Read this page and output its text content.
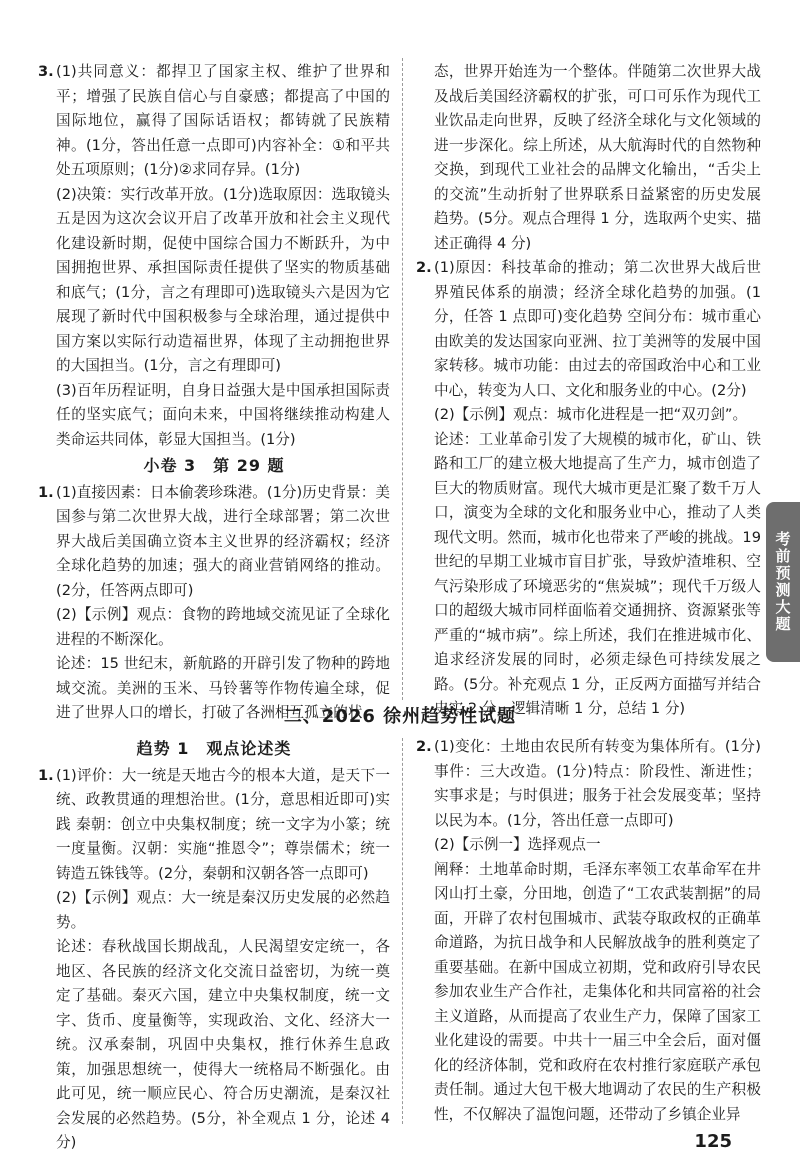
3. (1)共同意义：都捍卫了国家主权、维护了世界和平；增强了民族自信心与自豪感；都提高了中国的国际地位，赢得了国际话语权；都铸就了民族精神。(1分，答出任意一点即可)内容补全：①和平共处五项原则；(1分)②求同存异。(1分)

(2)决策：实行改革开放。(1分)选取原因：选取镜头五是因为这次会议开启了改革开放和社会主义现代化建设新时期，促使中国综合国力不断跃升，为中国拥抱世界、承担国际责任提供了坚实的物质基础和底气；(1分，言之有理即可)选取镜头六是因为它展现了新时代中国积极参与全球治理，通过提供中国方案以实际行动造福世界，体现了主动拥抱世界的大国担当。(1分，言之有理即可)

(3)百年历程证明，自身日益强大是中国承担国际责任的坚实底气；面向未来，中国将继续推动构建人类命运共同体，彰显大国担当。(1分)

小卷 3　第 29 题
1. (1)直接因素：日本偷袭珍珠港。(1分)历史背景：美国参与第二次世界大战，进行全球部署；第二次世界大战后美国确立资本主义世界的经济霸权；经济全球化趋势的加速；强大的商业营销网络的推动。(2分，任答两点即可)

(2)【示例】观点：食物的跨地域交流见证了全球化进程的不断深化。

论述：15 世纪末，新航路的开辟引发了物种的跨地域交流。美洲的玉米、马铃薯等作物传遍全球，促进了世界人口的增长，打破了各洲相互孤立的状

态，世界开始连为一个整体。伴随第二次世界大战及战后美国经济霸权的扩张，可口可乐作为现代工业饮品走向世界，反映了经济全球化与文化领域的进一步深化。综上所述，从大航海时代的自然物种交换，到现代工业社会的品牌文化输出，“舌尖上的交流”生动折射了世界联系日益紧密的历史发展趋势。(5分。观点合理得 1 分，选取两个史实、描述正确得 4 分)

2. (1)原因：科技革命的推动；第二次世界大战后世界殖民体系的崩溃；经济全球化趋势的加强。(1分，任答 1 点即可)变化趋势 空间分布：城市重心由欧美的发达国家向亚洲、拉丁美洲等的发展中国家转移。城市功能：由过去的帝国政治中心和工业中心，转变为人口、文化和服务业的中心。(2分)

(2)【示例】观点：城市化进程是一把“双刃剑”。

论述：工业革命引发了大规模的城市化，矿山、铁路和工厂的建立极大地提高了生产力，城市创造了巨大的物质财富。现代大城市更是汇聚了数千万人口，演变为全球的文化和服务业中心，推动了人类现代文明。然而，城市化也带来了严峻的挑战。19 世纪的早期工业城市盲目扩张，导致炉渣堆积、空气污染形成了环境恶劣的“焦炭城”；现代千万级人口的超级大城市同样面临着交通拥挤、资源紧张等严重的“城市病”。综上所述，我们在推进城市化、追求经济发展的同时，必须走绿色可持续发展之路。(5分。补充观点 1 分，正反两方面描写并结合史实 2 分，逻辑清晰 1 分，总结 1 分)

二、2026 徐州趋势性试题
趋势 1　观点论述类
1. (1)评价：大一统是天地古今的根本大道，是天下一统、政教贯通的理想治世。(1分，意思相近即可)实践 秦朝：创立中央集权制度；统一文字为小篆；统一度量衡。汉朝：实施“推恩令”；尊崇儒术；统一铸造五铢钱等。(2分，秦朝和汉朝各答一点即可)

(2)【示例】观点：大一统是秦汉历史发展的必然趋势。

论述：春秋战国长期战乱，人民渴望安定统一，各地区、各民族的经济文化交流日益密切，为统一奠定了基础。秦灭六国，建立中央集权制度，统一文字、货币、度量衡等，实现政治、文化、经济大一统。汉承秦制，巩固中央集权，推行休养生息政策，加强思想统一，使得大一统格局不断强化。由此可见，统一顺应民心、符合历史潮流，是秦汉社会发展的必然趋势。(5分，补全观点 1 分，论述 4 分)

2. (1)变化：土地由农民所有转变为集体所有。(1分)事件：三大改造。(1分)特点：阶段性、渐进性；实事求是；与时俱进；服务于社会发展变革；坚持以民为本。(1分，答出任意一点即可)

(2)【示例一】选择观点一

阐释：土地革命时期，毛泽东率领工农革命军在井冈山打土豪，分田地，创造了“工农武装割据”的局面，开辟了农村包围城市、武装夺取政权的正确革命道路，为抗日战争和人民解放战争的胜利奠定了重要基础。在新中国成立初期，党和政府引导农民参加农业生产合作社，走集体化和共同富裕的社会主义道路，从而提高了农业生产力，保障了国家工业化建设的需要。中共十一届三中全会后，面对僵化的经济体制，党和政府在农村推行家庭联产承包责任制。通过大包干极大地调动了农民的生产积极性，不仅解决了温饱问题，还带动了乡镇企业异

考前预测大题
125
